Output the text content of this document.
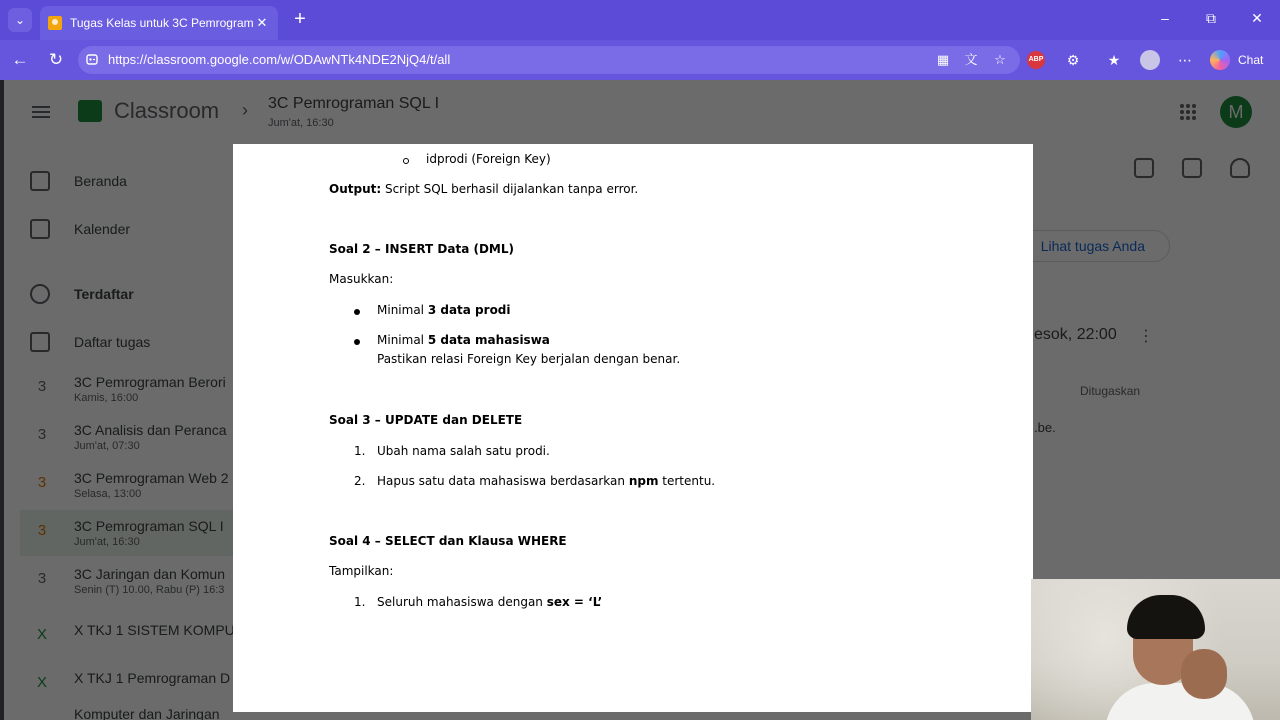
⌄	Tugas Kelas untuk 3C Pemrogram ✕	+	–	⧉	✕
← ↻	https://classroom.google.com/w/ODAwNTk4NDE2NjQ4/t/all	▦ 文 ☆	ABP ⚙ ★	⋯	Chat
idprodi (Foreign Key)
Output: Script SQL berhasil dijalankan tanpa error.
Soal 2 – INSERT Data (DML)
Masukkan:
Minimal 3 data prodi
Minimal 5 data mahasiswa
Pastikan relasi Foreign Key berjalan dengan benar.
Soal 3 – UPDATE dan DELETE
1. Ubah nama salah satu prodi.
2. Hapus satu data mahasiswa berdasarkan npm tertentu.
Soal 4 – SELECT dan Klausa WHERE
Tampilkan:
1. Seluruh mahasiswa dengan sex = ‘L’
